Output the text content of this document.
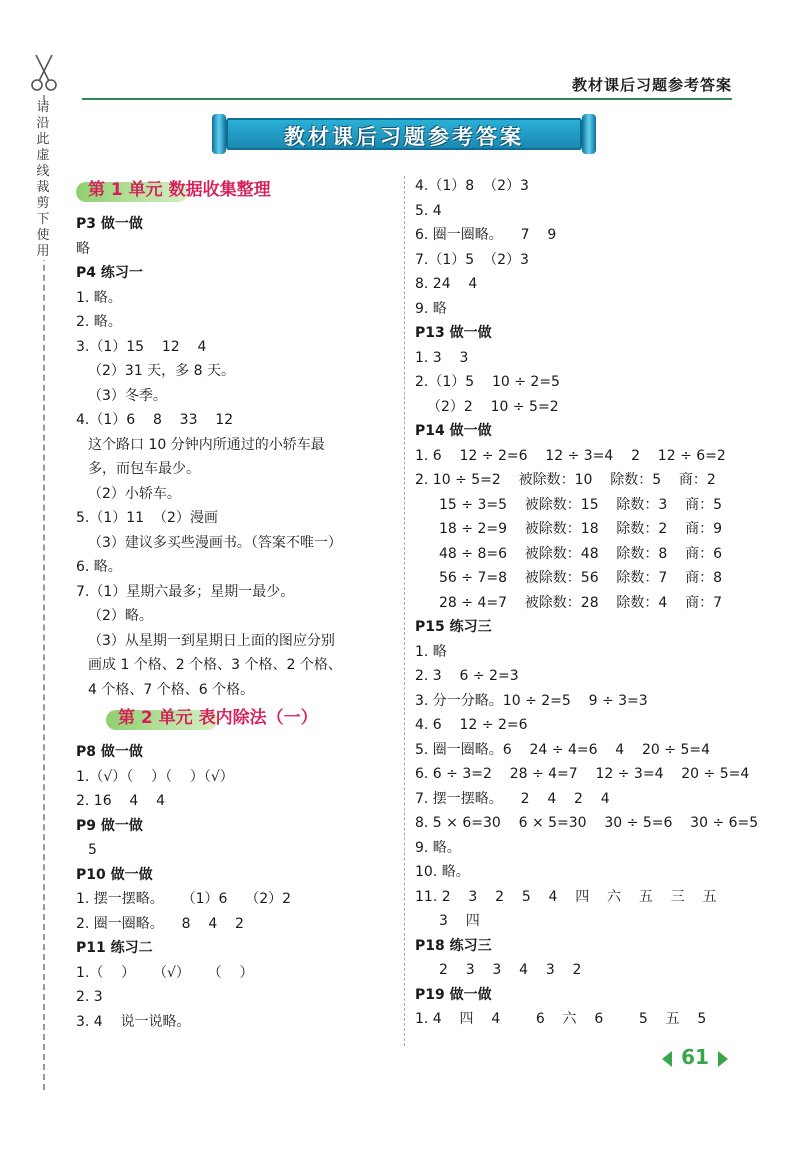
请沿此虚线裁剪下使用
教材课后习题参考答案
教材课后习题参考答案
第 1 单元 数据收集整理
P3 做一做
略
P4 练习一
1. 略。
2. 略。
3.（1）15    12    4
（2）31 天，多 8 天。
（3）冬季。
4.（1）6    8    33    12
这个路口 10 分钟内所通过的小轿车最
多，而包车最少。
（2）小轿车。
5.（1）11  （2）漫画
（3）建议多买些漫画书。（答案不唯一）
6. 略。
7.（1）星期六最多；星期一最少。
（2）略。
（3）从星期一到星期日上面的图应分别
画成 1 个格、2 个格、3 个格、2 个格、
4 个格、7 个格、6 个格。
第 2 单元 表内除法（一）
P8 做一做
1.（√）（    ）（    ）（√）
2. 16    4    4
P9 做一做
5
P10 做一做
1. 摆一摆略。    （1）6    （2）2
2. 圈一圈略。    8    4    2
P11 练习二
1.（    ）    （√）    （    ）
2. 3
3. 4    说一说略。
4.（1）8  （2）3
5. 4
6. 圈一圈略。    7    9
7.（1）5  （2）3
8. 24    4
9. 略
P13 做一做
1. 3    3
2.（1）5    10 ÷ 2=5
（2）2    10 ÷ 5=2
P14 做一做
1. 6    12 ÷ 2=6    12 ÷ 3=4    2    12 ÷ 6=2
2. 10 ÷ 5=2    被除数：10    除数：5    商：2
15 ÷ 3=5    被除数：15    除数：3    商：5
18 ÷ 2=9    被除数：18    除数：2    商：9
48 ÷ 8=6    被除数：48    除数：8    商：6
56 ÷ 7=8    被除数：56    除数：7    商：8
28 ÷ 4=7    被除数：28    除数：4    商：7
P15 练习三
1. 略
2. 3    6 ÷ 2=3
3. 分一分略。10 ÷ 2=5    9 ÷ 3=3
4. 6    12 ÷ 2=6
5. 圈一圈略。6    24 ÷ 4=6    4    20 ÷ 5=4
6. 6 ÷ 3=2    28 ÷ 4=7    12 ÷ 3=4    20 ÷ 5=4
7. 摆一摆略。    2    4    2    4
8. 5 × 6=30    6 × 5=30    30 ÷ 5=6    30 ÷ 6=5
9. 略。
10. 略。
11. 2    3    2    5    4    四    六    五    三    五
3    四
P18 练习三
2    3    3    4    3    2
P19 做一做
1. 4    四    4        6    六    6        5    五    5
61
